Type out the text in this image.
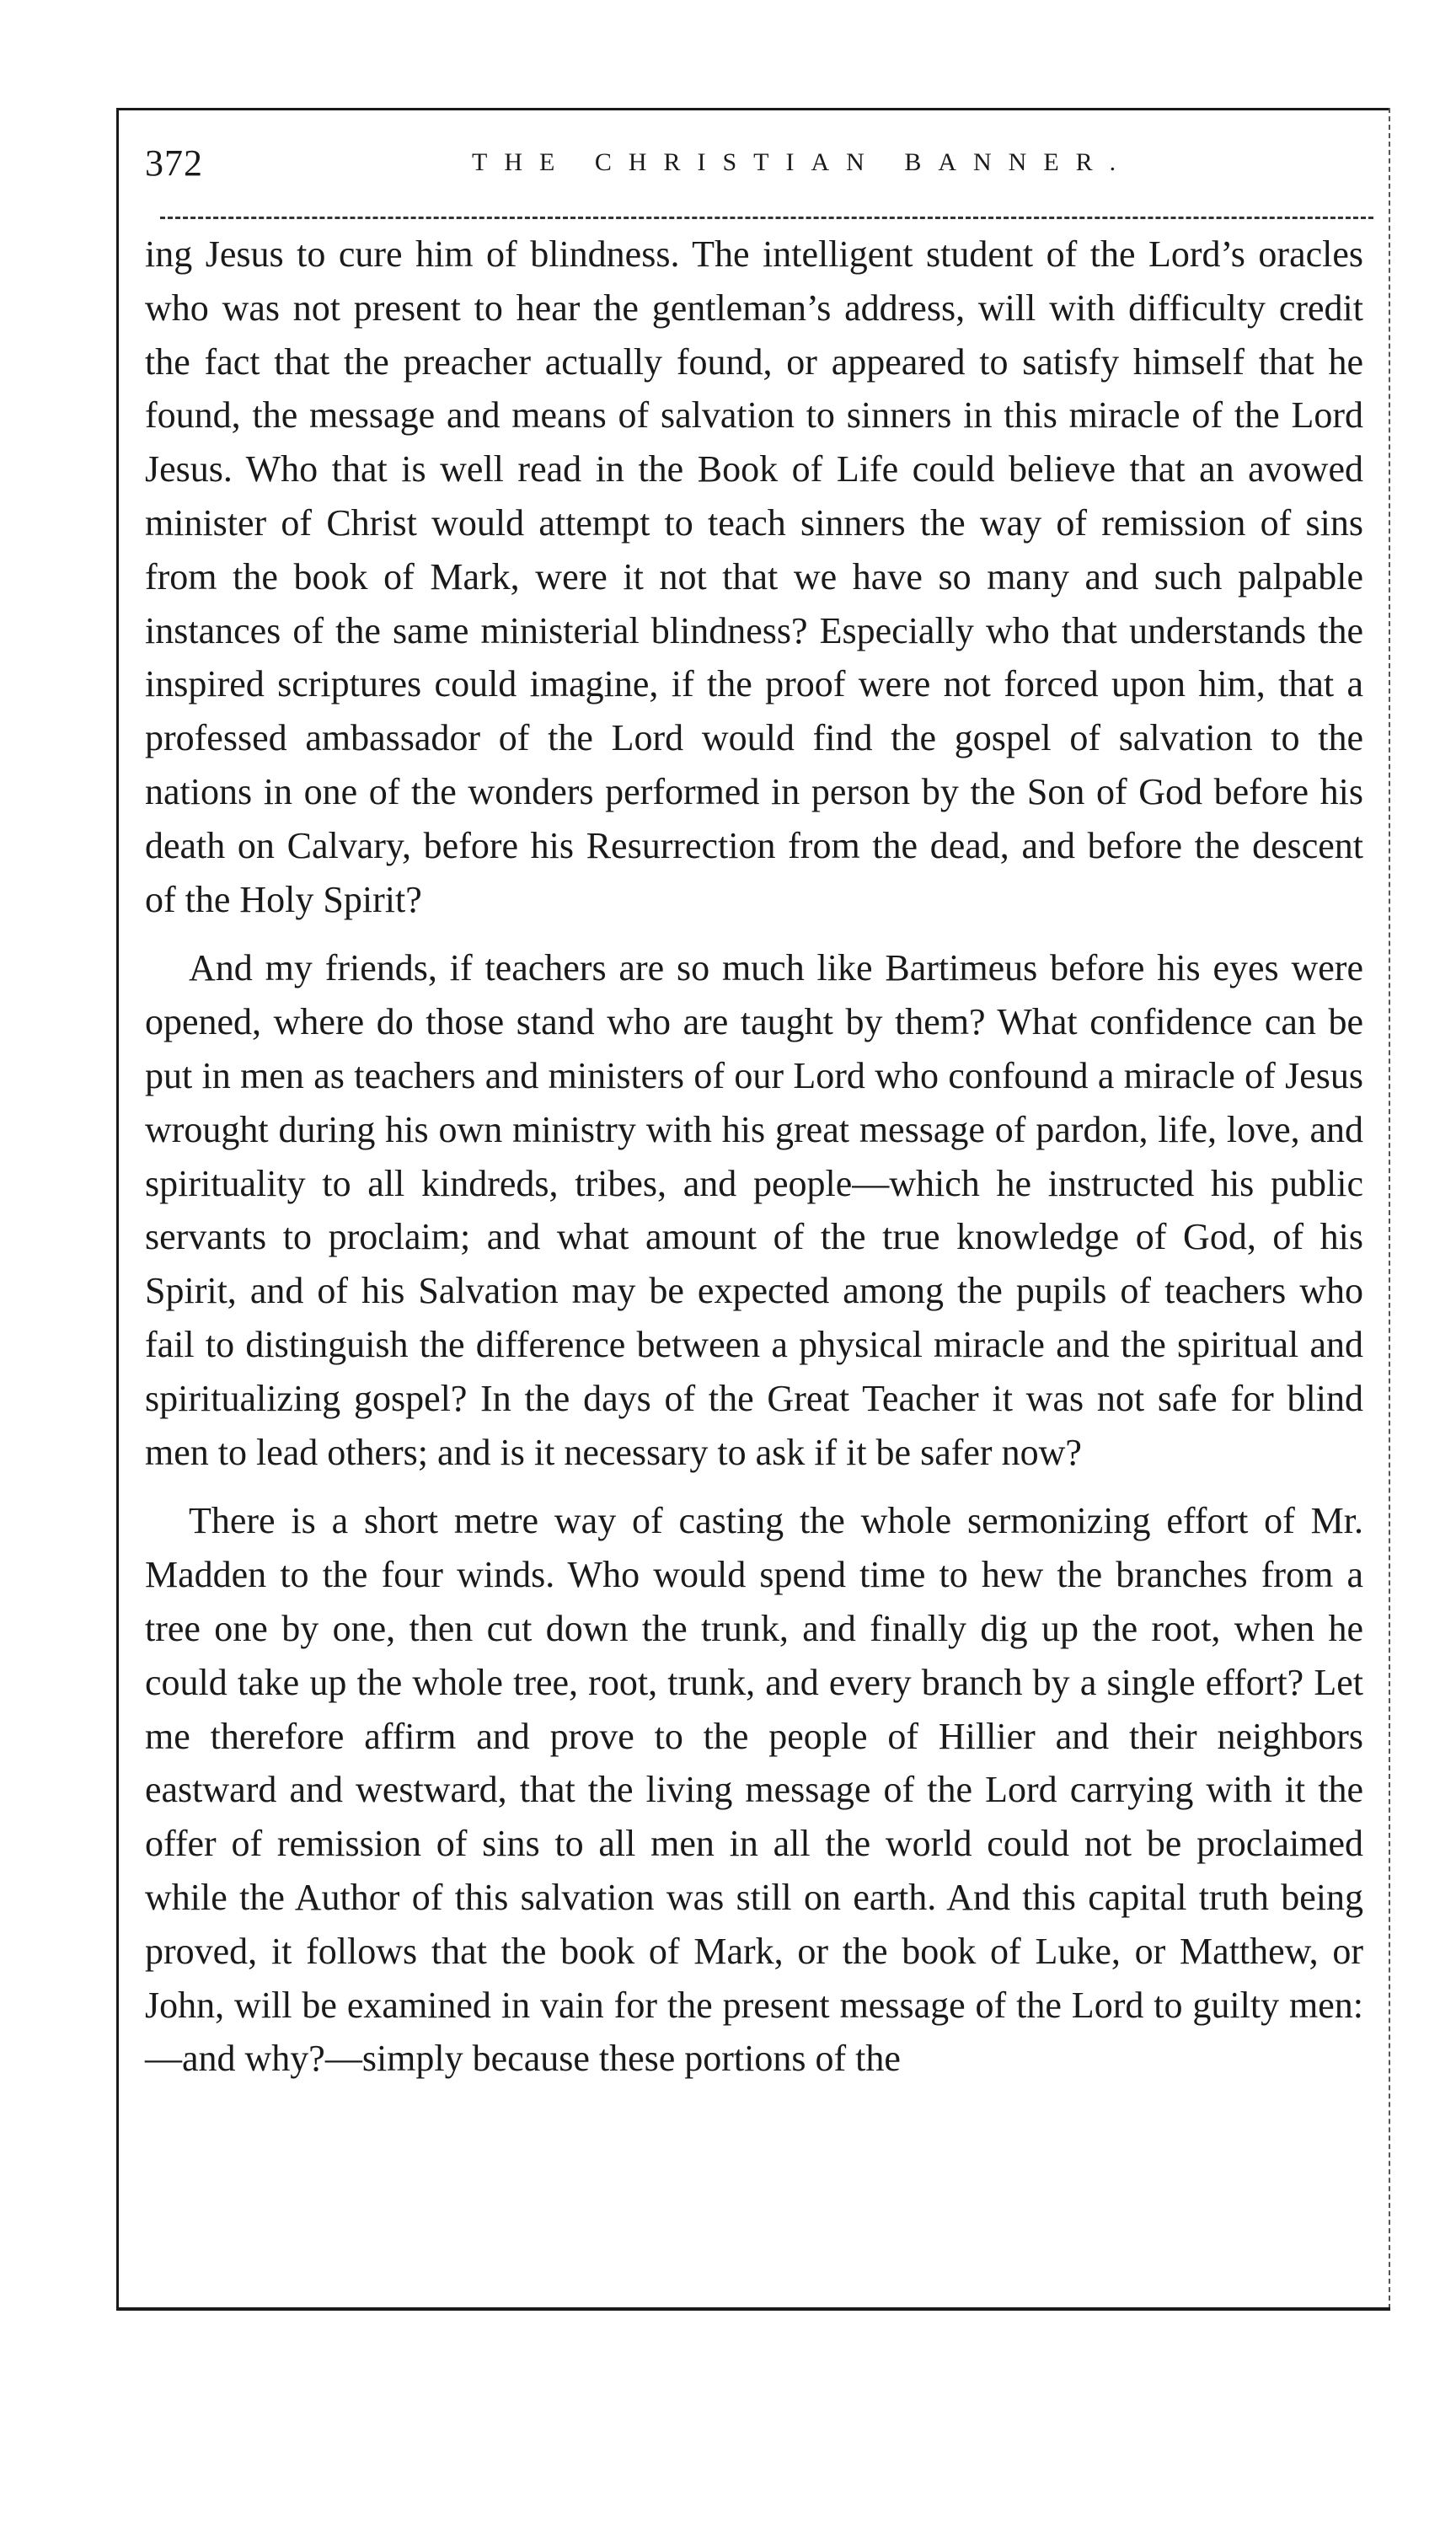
372	THE CHRISTIAN BANNER.

ing Jesus to cure him of blindness. The intelligent student of the Lord’s oracles who was not present to hear the gentleman’s address, will with difficulty credit the fact that the preacher actually found, or appeared to satisfy himself that he found, the message and means of salvation to sinners in this miracle of the Lord Jesus. Who that is well read in the Book of Life could believe that an avowed minister of Christ would attempt to teach sinners the way of remission of sins from the book of Mark, were it not that we have so many and such palpable instances of the same ministerial blindness? Especially who that understands the inspired scriptures could imagine, if the proof were not forced upon him, that a professed ambassador of the Lord would find the gospel of salvation to the nations in one of the wonders performed in person by the Son of God before his death on Calvary, before his Resurrection from the dead, and before the descent of the Holy Spirit?

And my friends, if teachers are so much like Bartimeus before his eyes were opened, where do those stand who are taught by them? What confidence can be put in men as teachers and ministers of our Lord who confound a miracle of Jesus wrought during his own ministry with his great message of pardon, life, love, and spirituality to all kindreds, tribes, and people—which he instructed his public servants to proclaim; and what amount of the true knowledge of God, of his Spirit, and of his Salvation may be expected among the pupils of teachers who fail to distinguish the difference between a physical miracle and the spiritual and spiritualizing gospel? In the days of the Great Teacher it was not safe for blind men to lead others; and is it necessary to ask if it be safer now?

There is a short metre way of casting the whole sermonizing effort of Mr. Madden to the four winds. Who would spend time to hew the branches from a tree one by one, then cut down the trunk, and finally dig up the root, when he could take up the whole tree, root, trunk, and every branch by a single effort? Let me therefore affirm and prove to the people of Hillier and their neighbors eastward and westward, that the living message of the Lord carrying with it the offer of remission of sins to all men in all the world could not be proclaimed while the Author of this salvation was still on earth. And this capital truth being proved, it follows that the book of Mark, or the book of Luke, or Matthew, or John, will be examined in vain for the present message of the Lord to guilty men:—and why?—simply because these portions of the
